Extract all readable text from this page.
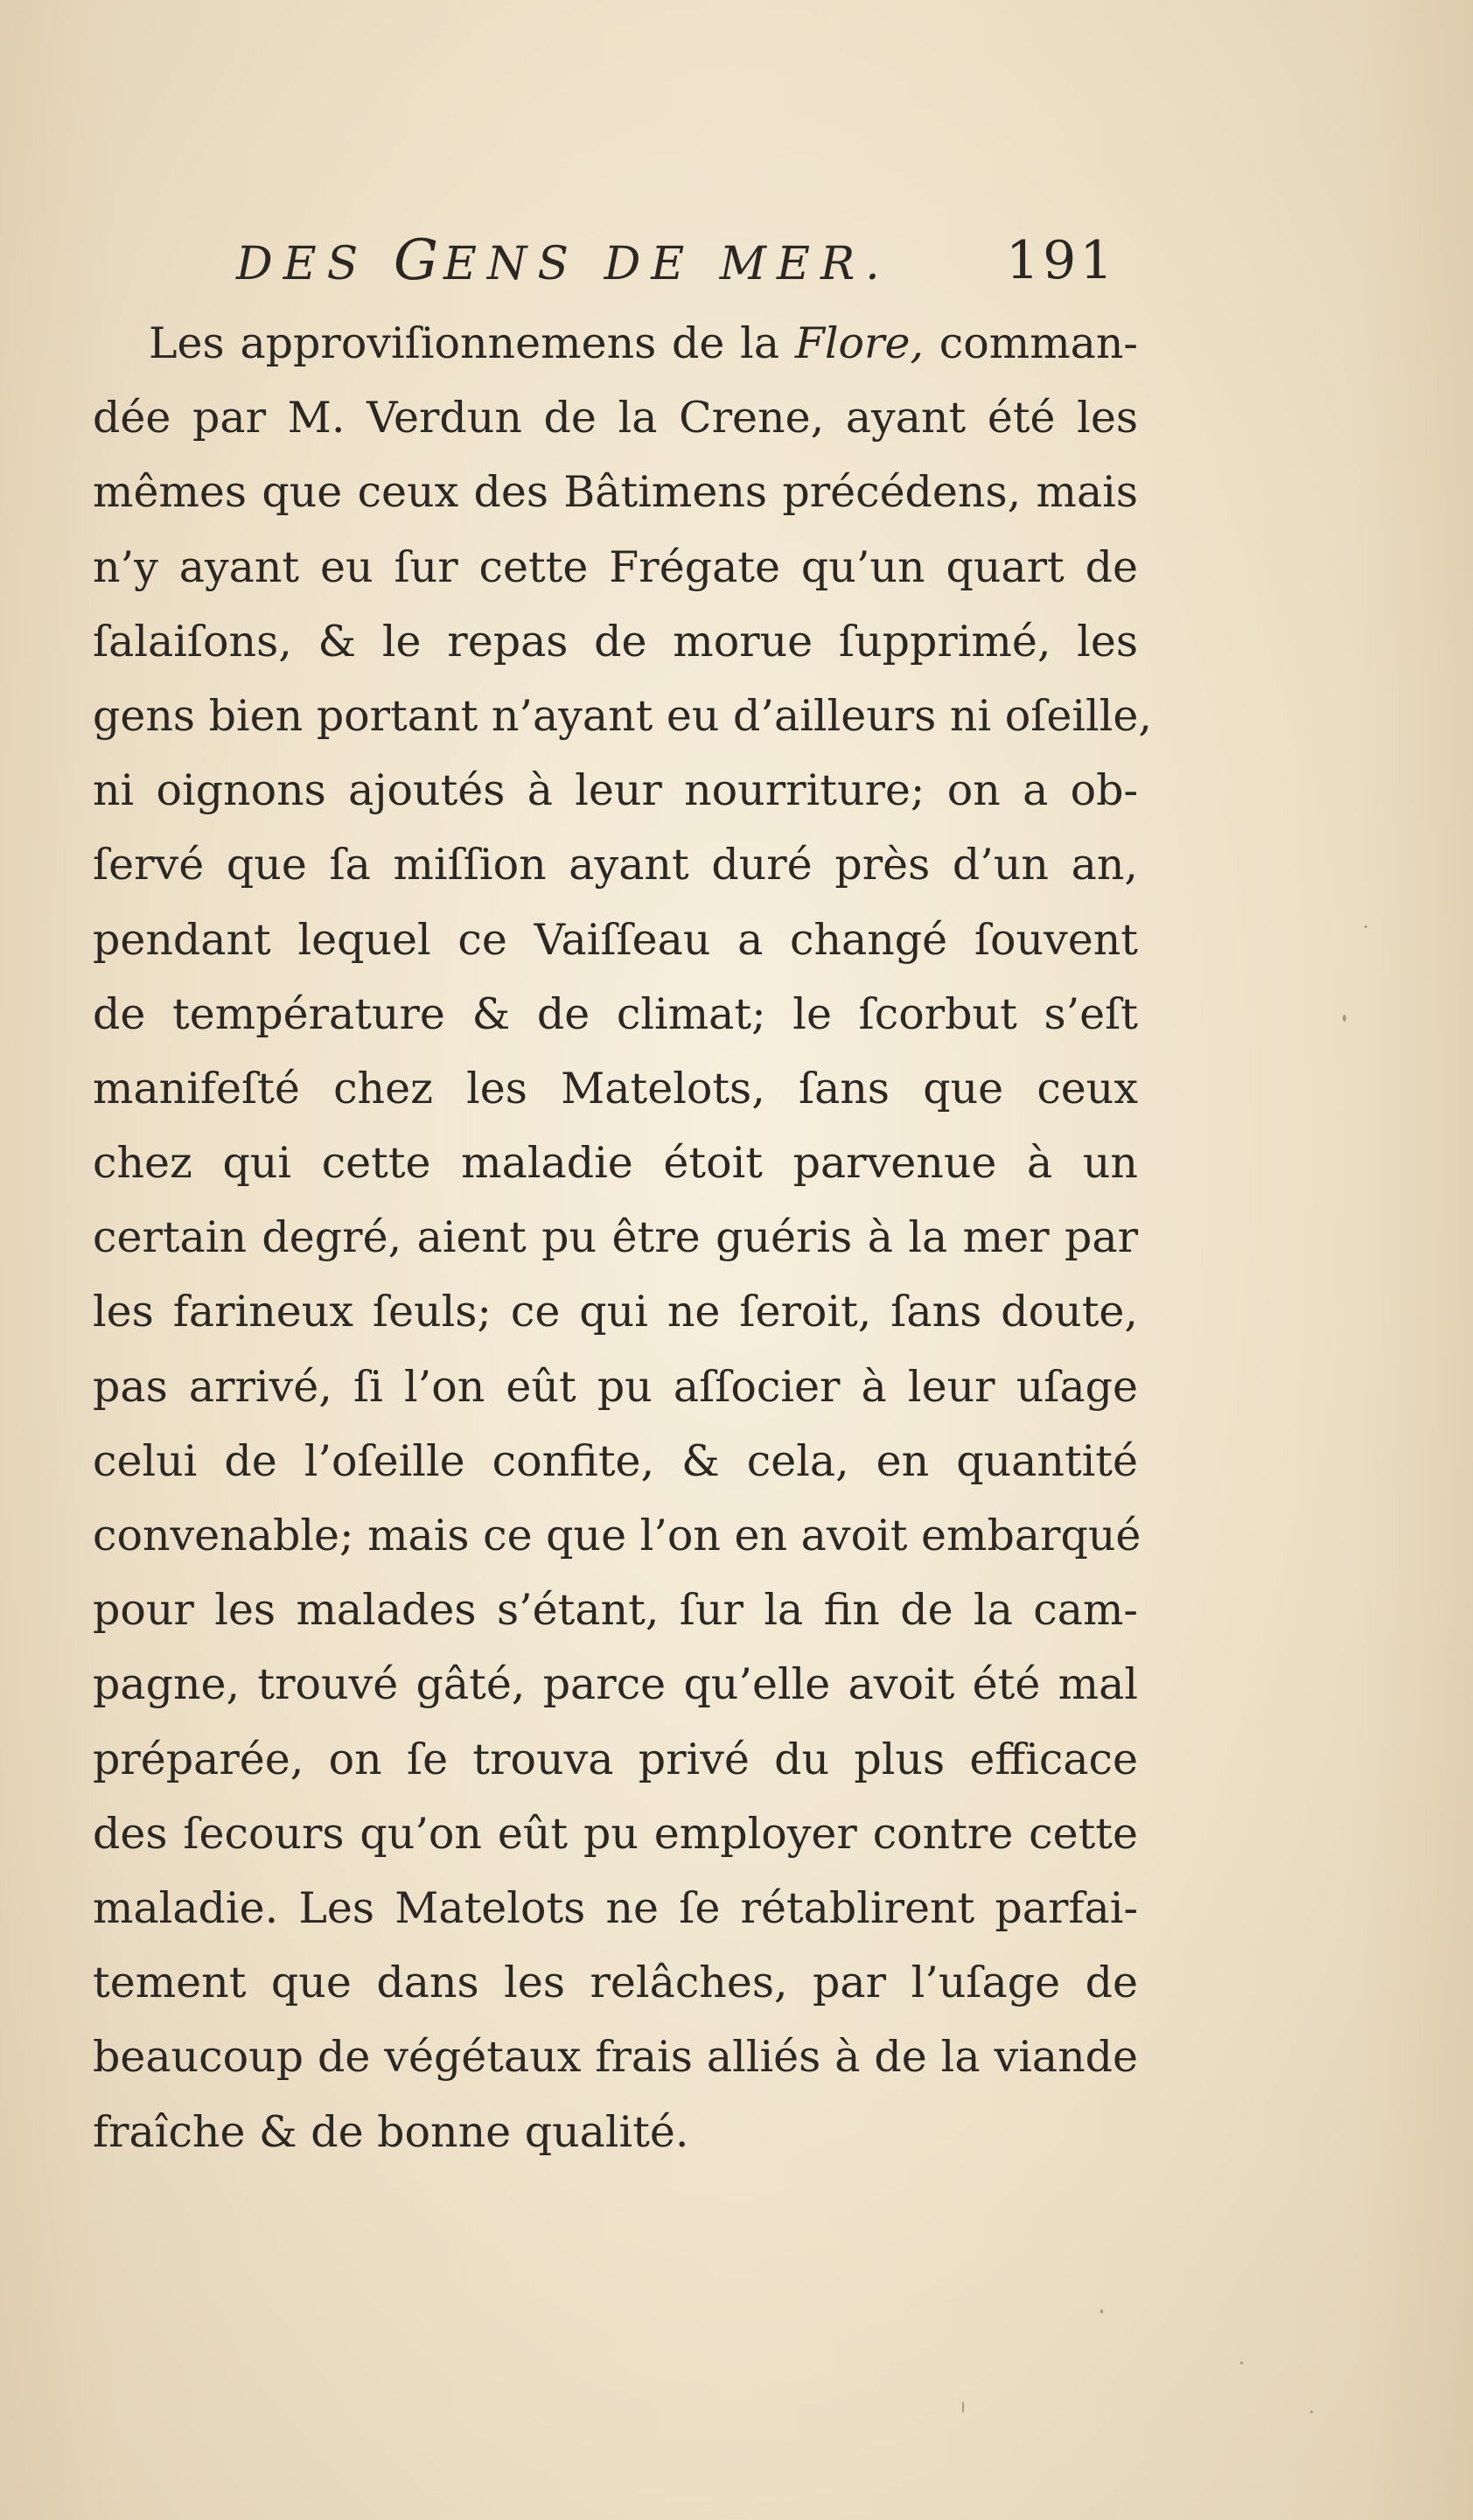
DES GENS DE MER.	191
Les approviſionnemens de la Flore, comman-
dée par M. Verdun de la Crene, ayant été les
mêmes que ceux des Bâtimens précédens, mais
n’y ayant eu ſur cette Frégate qu’un quart de
ſalaiſons, & le repas de morue ſupprimé, les
gens bien portant n’ayant eu d’ailleurs ni oſeille,
ni oignons ajoutés à leur nourriture; on a ob-
ſervé que ſa miſſion ayant duré près d’un an,
pendant lequel ce Vaiſſeau a changé ſouvent
de température & de climat; le ſcorbut s’eſt
manifeſté chez les Matelots, ſans que ceux
chez qui cette maladie étoit parvenue à un
certain degré, aient pu être guéris à la mer par
les farineux ſeuls; ce qui ne ſeroit, ſans doute,
pas arrivé, ſi l’on eût pu aſſocier à leur uſage
celui de l’oſeille confite, & cela, en quantité
convenable; mais ce que l’on en avoit embarqué
pour les malades s’étant, ſur la fin de la cam-
pagne, trouvé gâté, parce qu’elle avoit été mal
préparée, on ſe trouva privé du plus efficace
des ſecours qu’on eût pu employer contre cette
maladie. Les Matelots ne ſe rétablirent parfai-
tement que dans les relâches, par l’uſage de
beaucoup de végétaux frais alliés à de la viande
fraîche & de bonne qualité.
